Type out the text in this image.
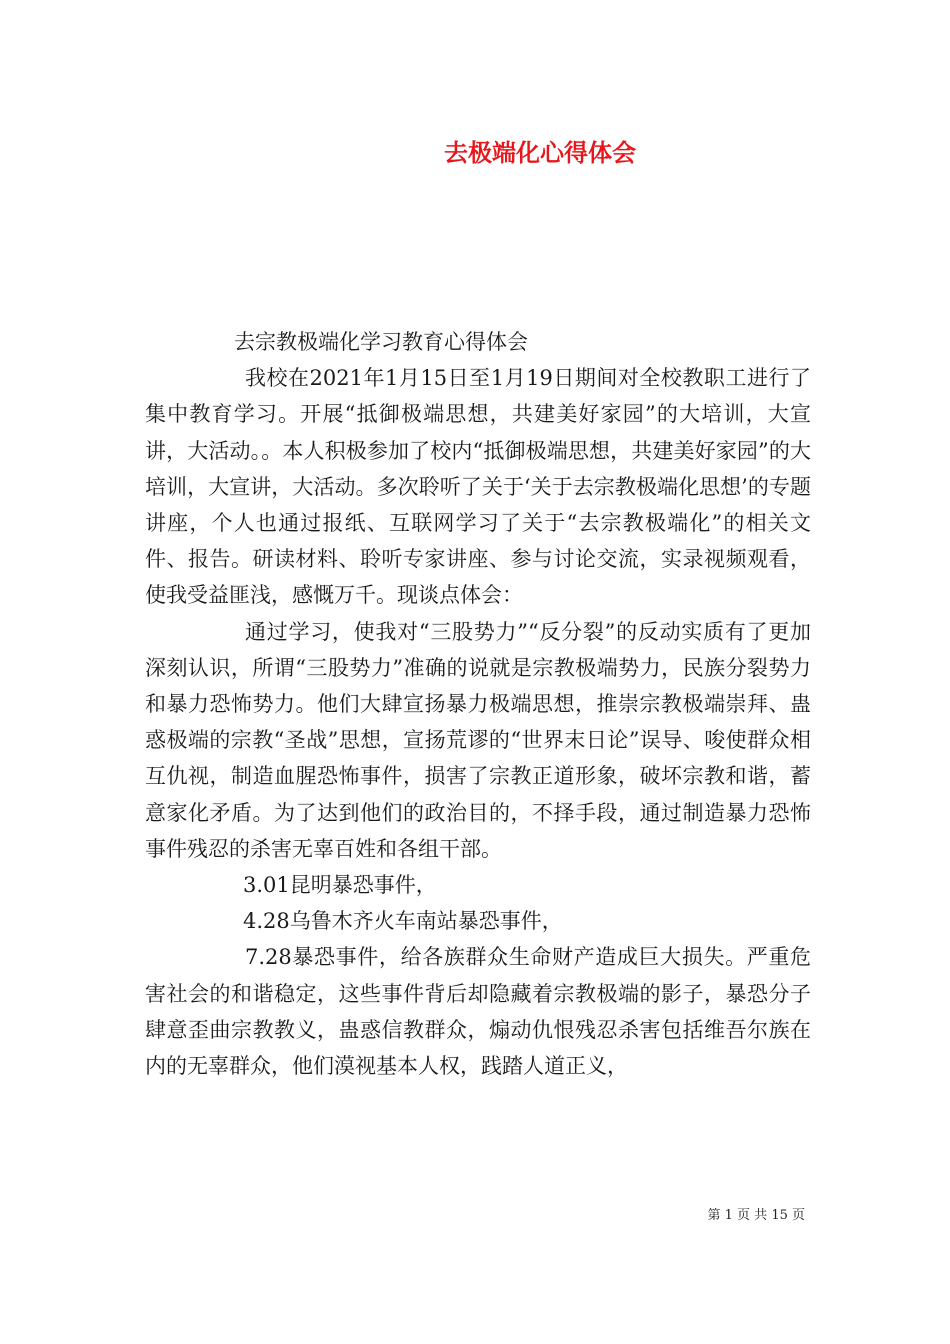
去极端化心得体会

去宗教极端化学习教育心得体会

我校在2021年1月15日至1月19日期间对全校教职工进行了集中教育学习。开展“抵御极端思想，共建美好家园”的大培训，大宣讲，大活动。。本人积极参加了校内“抵御极端思想，共建美好家园”的大培训，大宣讲，大活动。多次聆听了关于‘关于去宗教极端化思想’的专题讲座，个人也通过报纸、互联网学习了关于“去宗教极端化”的相关文件、报告。研读材料、聆听专家讲座、参与讨论交流，实录视频观看，使我受益匪浅，感慨万千。现谈点体会：

通过学习，使我对“三股势力”“反分裂”的反动实质有了更加深刻认识，所谓“三股势力”准确的说就是宗教极端势力，民族分裂势力和暴力恐怖势力。他们大肆宣扬暴力极端思想，推崇宗教极端崇拜、蛊惑极端的宗教“圣战”思想，宣扬荒谬的“世界末日论”误导、唆使群众相互仇视，制造血腥恐怖事件，损害了宗教正道形象，破坏宗教和谐，蓄意家化矛盾。为了达到他们的政治目的，不择手段，通过制造暴力恐怖事件残忍的杀害无辜百姓和各组干部。

3.01昆明暴恐事件，

4.28乌鲁木齐火车南站暴恐事件，

7.28暴恐事件，给各族群众生命财产造成巨大损失。严重危害社会的和谐稳定，这些事件背后却隐藏着宗教极端的影子，暴恐分子肆意歪曲宗教教义，蛊惑信教群众，煽动仇恨残忍杀害包括维吾尔族在内的无辜群众，他们漠视基本人权，践踏人道正义，

第 1 页 共 15 页
